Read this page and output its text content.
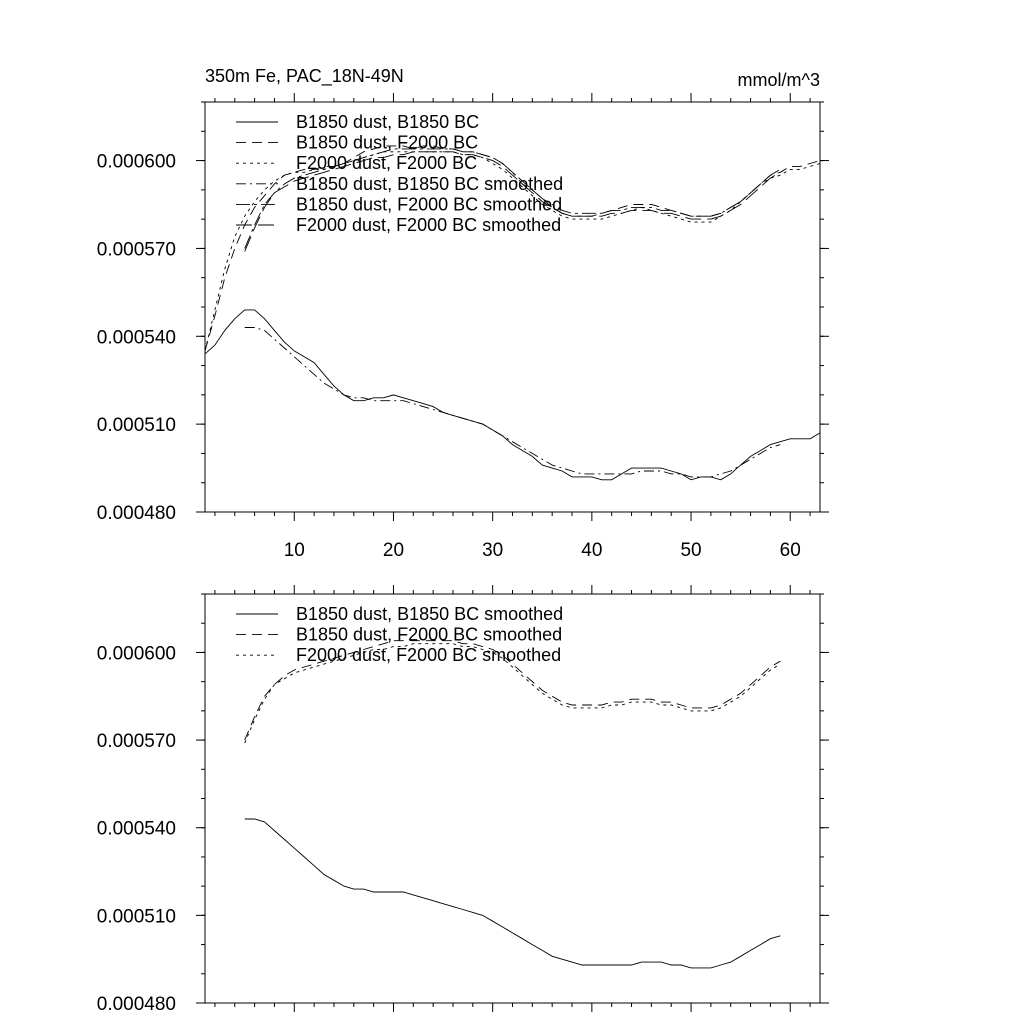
350m Fe, PAC_18N-49N	mmol/m^3
0.000480
0.000510
0.000540
0.000570
0.000600
10	20	30	40	50	60
B1850 dust, B1850 BC
B1850 dust, F2000 BC
F2000 dust, F2000 BC
B1850 dust, B1850 BC smoothed
B1850 dust, F2000 BC smoothed
F2000 dust, F2000 BC smoothed
0.000480
0.000510
0.000540
0.000570
0.000600
B1850 dust, B1850 BC smoothed
B1850 dust, F2000 BC smoothed
F2000 dust, F2000 BC smoothed
